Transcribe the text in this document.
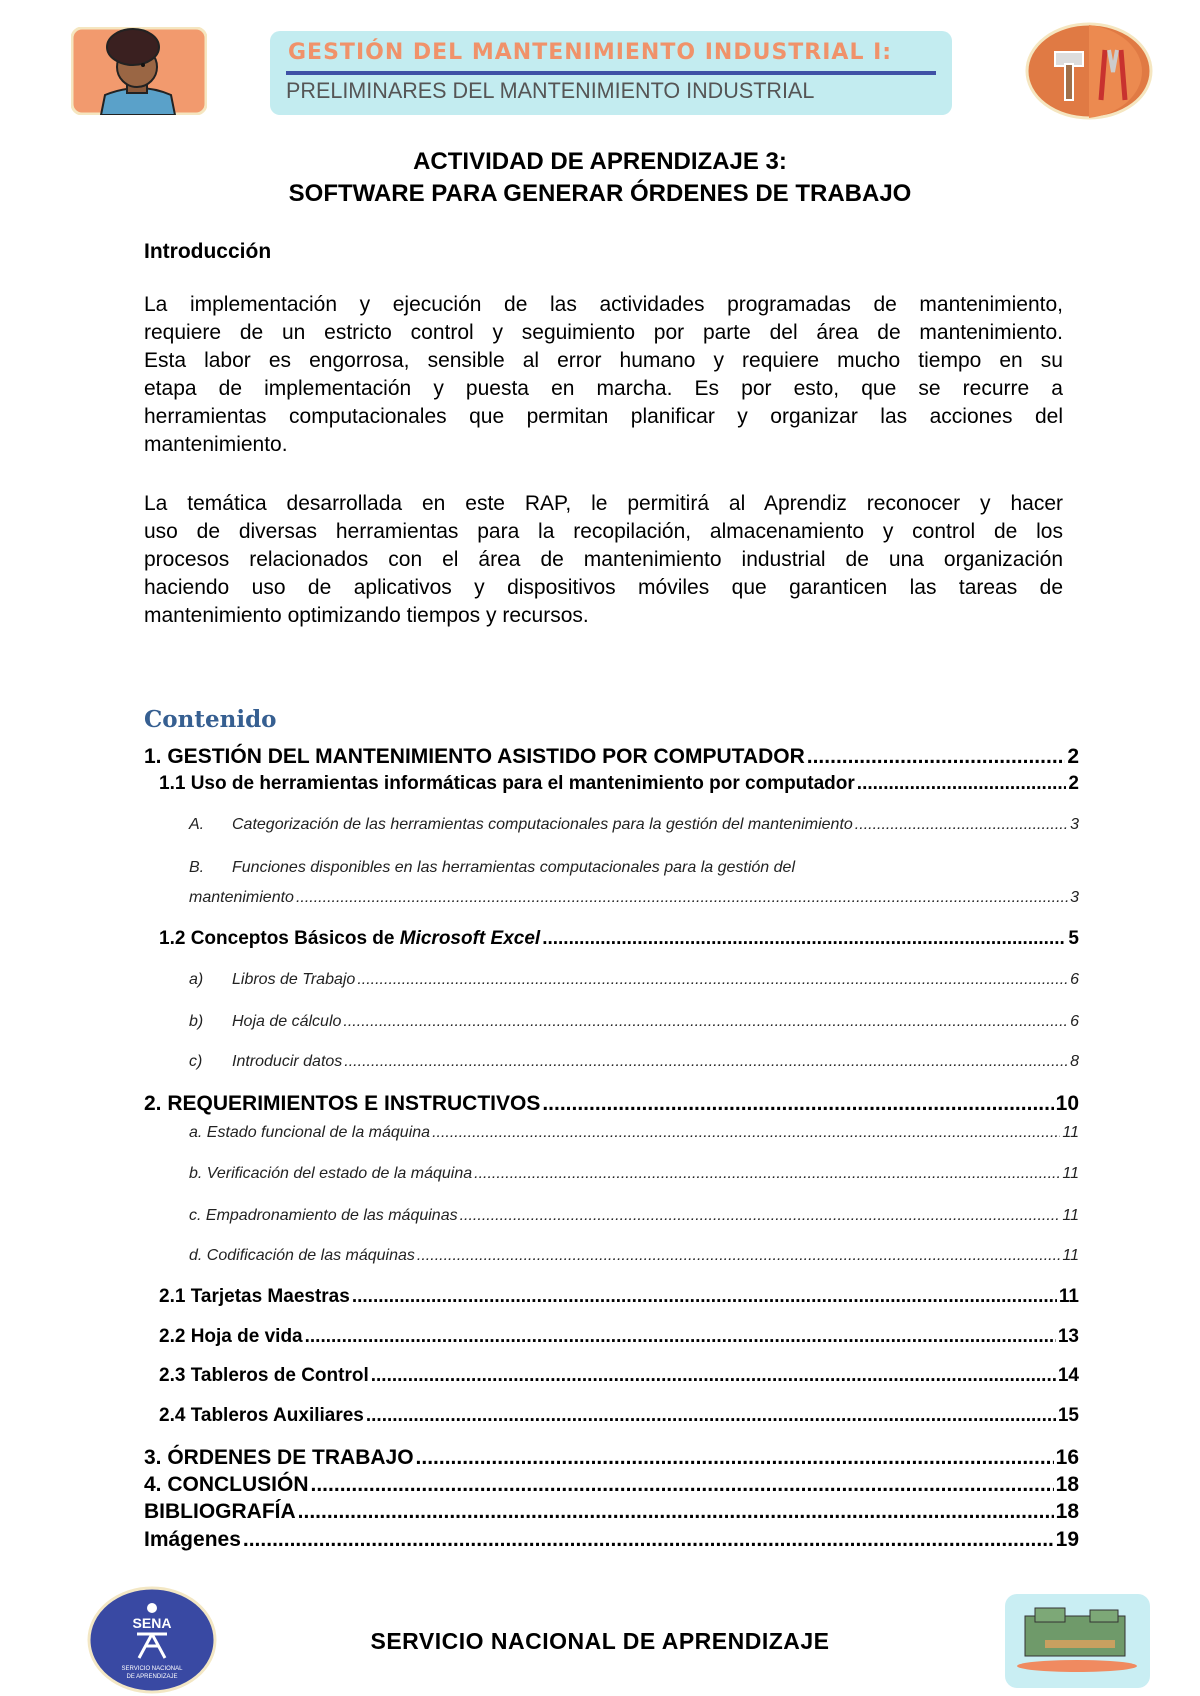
GESTIÓN DEL MANTENIMIENTO INDUSTRIAL I:
PRELIMINARES DEL MANTENIMIENTO INDUSTRIAL
ACTIVIDAD DE APRENDIZAJE 3:
SOFTWARE PARA GENERAR ÓRDENES DE TRABAJO
Introducción
La implementación y ejecución de las actividades programadas de mantenimiento,
requiere de un estricto control y seguimiento por parte del área de mantenimiento.
Esta labor es engorrosa, sensible al error humano y requiere mucho tiempo en su
etapa de implementación y puesta en marcha. Es por esto, que se recurre a
herramientas computacionales que permitan planificar y organizar las acciones del
mantenimiento.
La temática desarrollada en este RAP, le permitirá al Aprendiz reconocer y hacer
uso de diversas herramientas para la recopilación, almacenamiento y control de los
procesos relacionados con el área de mantenimiento industrial de una organización
haciendo uso de aplicativos y dispositivos móviles que garanticen las tareas de
mantenimiento optimizando tiempos y recursos.
Contenido
1. GESTIÓN DEL MANTENIMIENTO ASISTIDO POR COMPUTADOR .....	2
1.1 Uso de herramientas informáticas para el mantenimiento por computador .....	2
A. Categorización de las herramientas computacionales para la gestión del mantenimiento .....	3
B. Funciones disponibles en las herramientas computacionales para la gestión del
mantenimiento .....	3
1.2 Conceptos Básicos de Microsoft Excel .....	5
a) Libros de Trabajo .....	6
b) Hoja de cálculo .....	6
c) Introducir datos .....	8
2. REQUERIMIENTOS E INSTRUCTIVOS .....	10
a. Estado funcional de la máquina .....	11
b. Verificación del estado de la máquina .....	11
c. Empadronamiento de las máquinas .....	11
d. Codificación de las máquinas .....	11
2.1 Tarjetas Maestras .....	11
2.2 Hoja de vida .....	13
2.3 Tableros de Control .....	14
2.4 Tableros Auxiliares .....	15
3. ÓRDENES DE TRABAJO .....	16
4. CONCLUSIÓN .....	18
BIBLIOGRAFÍA .....	18
Imágenes .....	19
SENA
SERVICIO NACIONAL
DE APRENDIZAJE
SERVICIO NACIONAL DE APRENDIZAJE
